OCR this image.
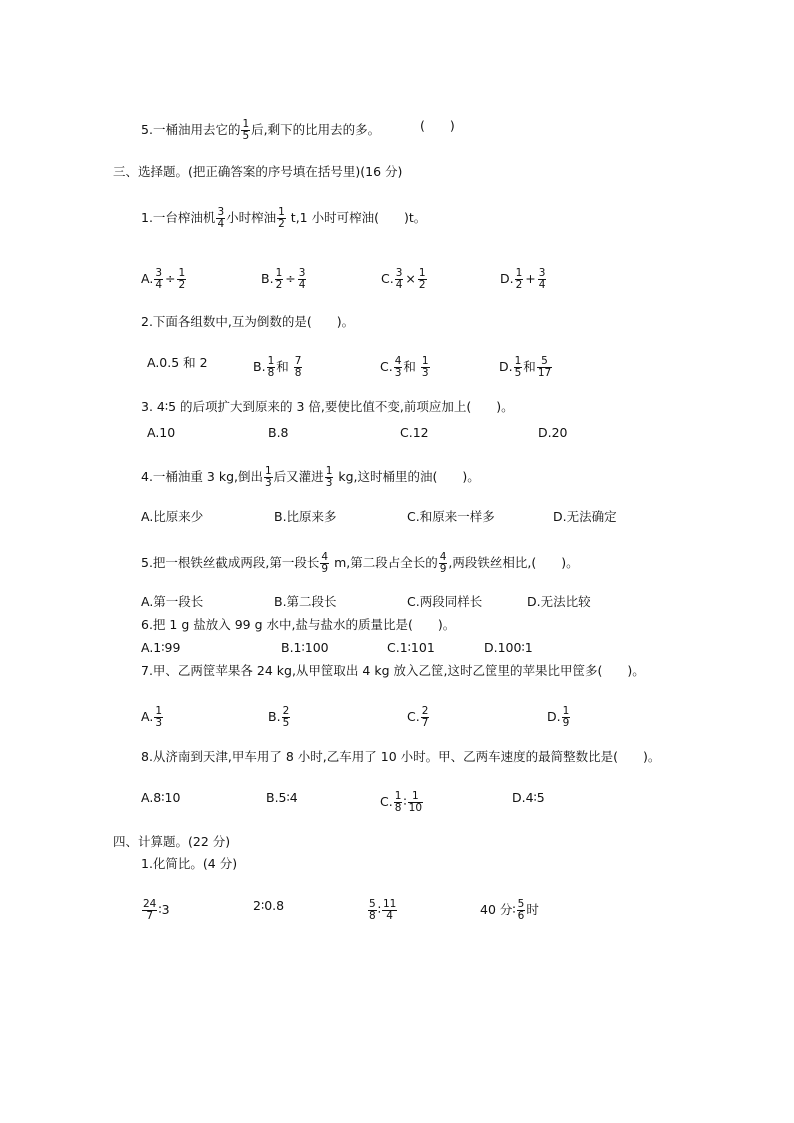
5.一桶油用去它的 $\frac{1}{5}$ 后,剩下的比用去的多。	(　　)
三、选择题。(把正确答案的序号填在括号里)(16 分)
1.一台榨油机 $\frac{3}{4}$ 小时榨油 $\frac{1}{2} t,1$ 小时可榨油(　　)t。
A. $\frac{3}{4} \div \frac{1}{2}$	B. $\frac{1}{2} \div \frac{3}{4}$	C. $\frac{3}{4} \times \frac{1}{2}$	D. $\frac{1}{2} + \frac{3}{4}$
2.下面各组数中,互为倒数的是(　　)。
A.0.5 和 2	B. $\frac{1}{8}$ 和 $\frac{7}{8}$	C. $\frac{4}{3}$ 和 $\frac{1}{3}$	D. $\frac{1}{5}$ 和 $\frac{5}{17}$
3. 4∶5 的后项扩大到原来的 3 倍,要使比值不变,前项应加上(　　)。
A.10	B.8	C.12	D.20
4.一桶油重 3 kg,倒出 $\frac{1}{3}$ 后又灌进 $\frac{1}{3}$ kg,这时桶里的油(　　)。
A.比原来少	B.比原来多	C.和原来一样多	D.无法确定
5.把一根铁丝截成两段,第一段长 $\frac{4}{9} m$,第二段占全长的 $\frac{4}{9}$ ,两段铁丝相比,(　　)。
A.第一段长	B.第二段长	C.两段同样长	D.无法比较
6.把 1 g 盐放入 99 g 水中,盐与盐水的质量比是(　　)。
A.1∶99	B.1∶100	C.1∶101	D.100∶1
7.甲、乙两筐苹果各 24 kg,从甲筐取出 4 kg 放入乙筐,这时乙筐里的苹果比甲筐多(　　)。
A. $\frac{1}{3}$	B. $\frac{2}{5}$	C. $\frac{2}{7}$	D. $\frac{1}{9}$
8.从济南到天津,甲车用了 8 小时,乙车用了 10 小时。甲、乙两车速度的最简整数比是(　　)。
A.8∶10	B.5∶4	C. $\frac{1}{8}$ ∶ $\frac{1}{10}$	D.4∶5
四、计算题。(22 分)
1.化简比。(4 分)
$\frac{24}{7}$ ∶3	2∶0.8	$\frac{5}{8}$ ∶ $\frac{11}{4}$	40 分∶ $\frac{5}{6}$ 时
